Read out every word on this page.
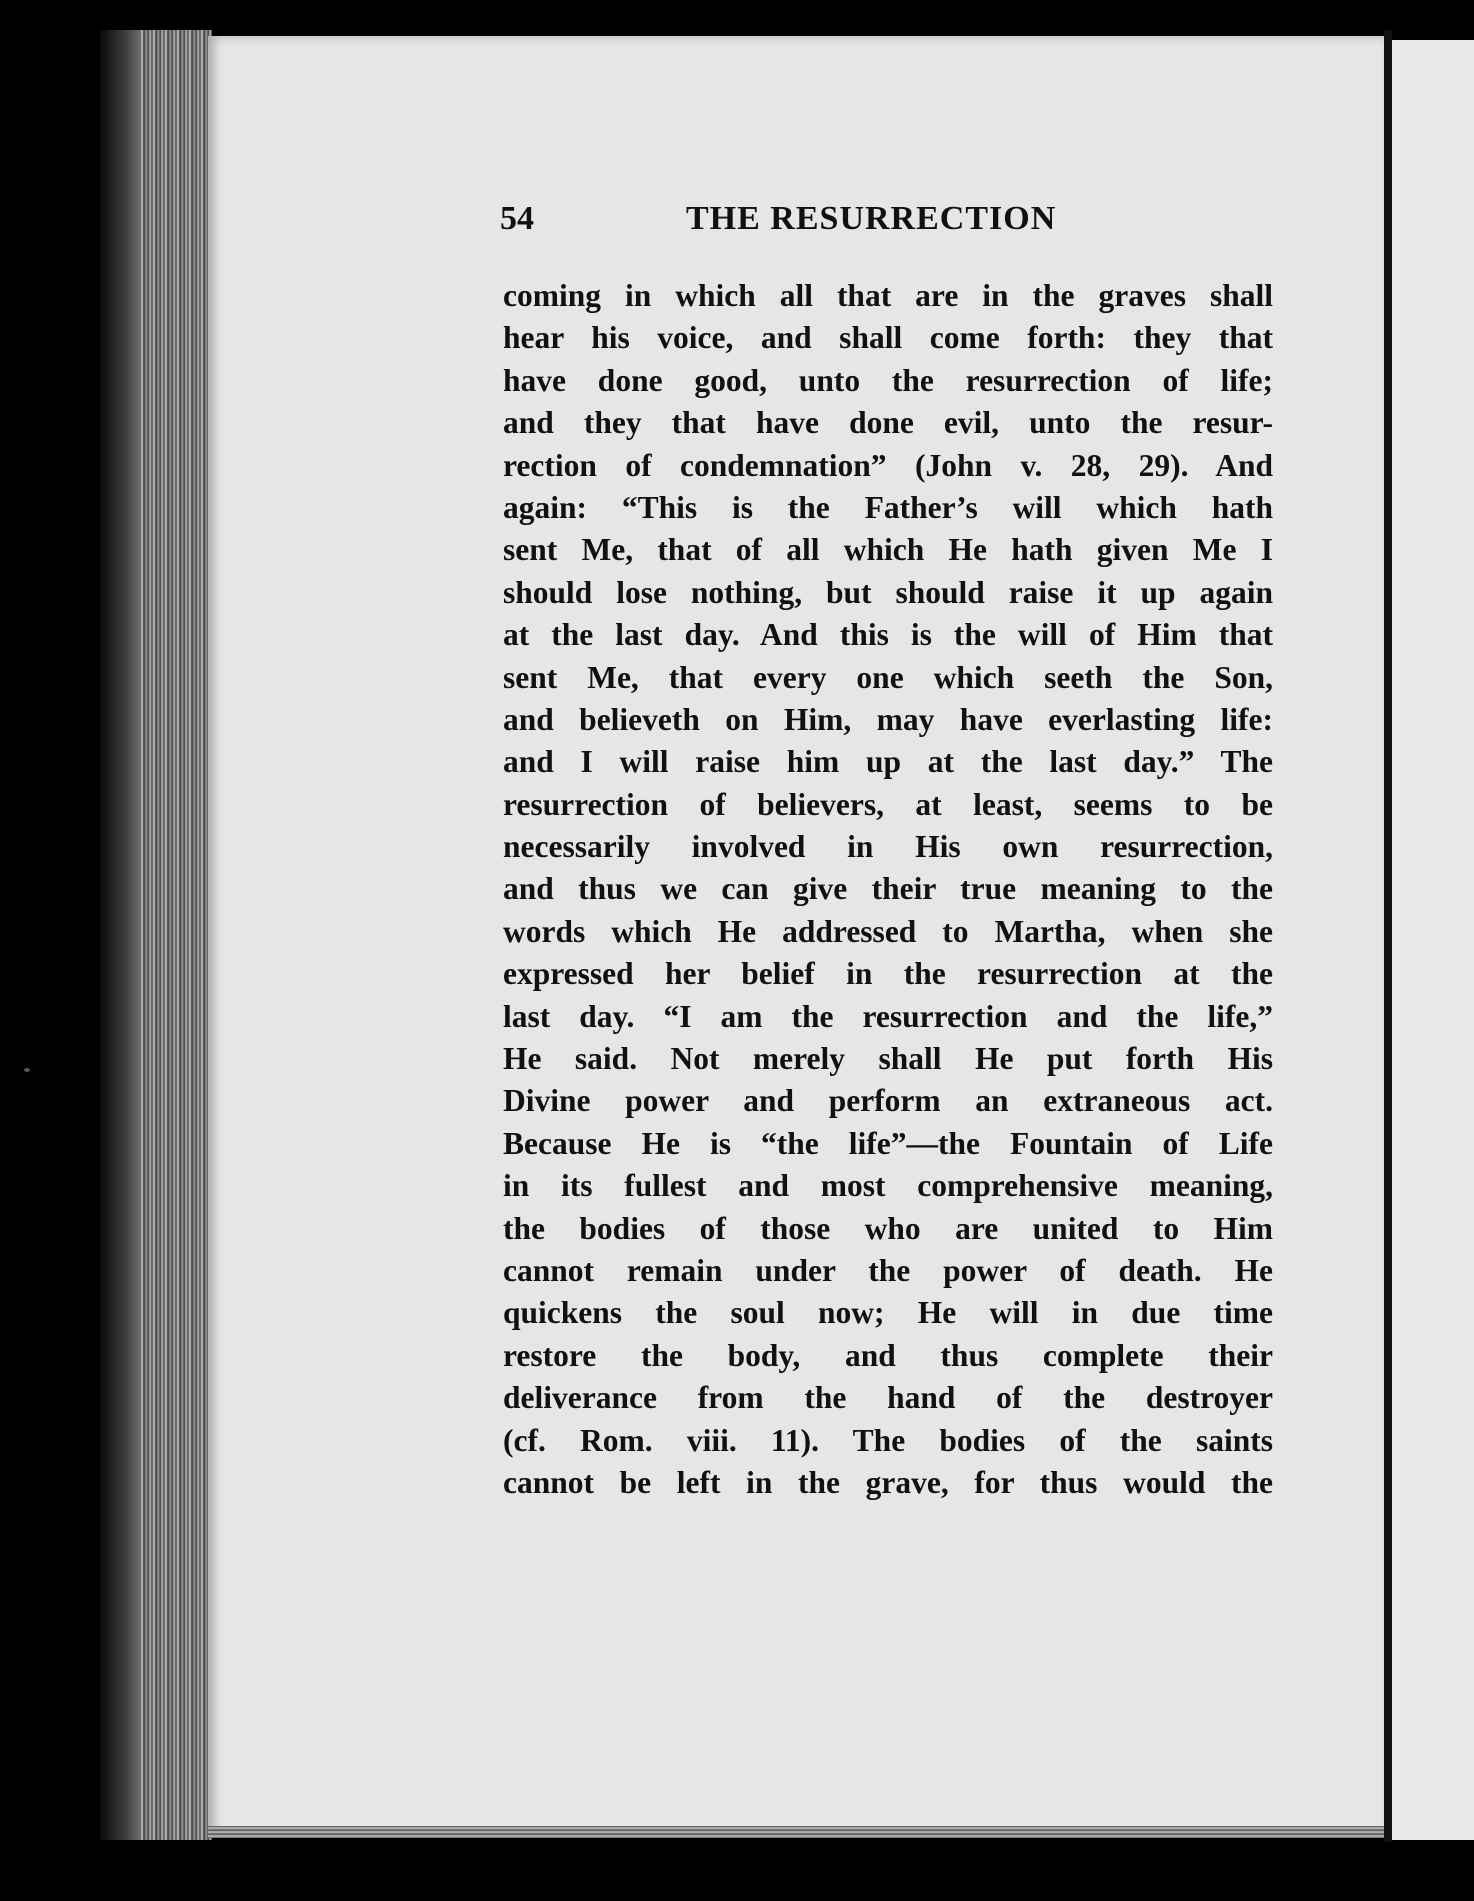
54	THE RESURRECTION
coming in which all that are in the graves shall
hear his voice, and shall come forth: they that
have done good, unto the resurrection of life;
and they that have done evil, unto the resur-
rection of condemnation” (John v. 28, 29). And
again: “This is the Father’s will which hath
sent Me, that of all which He hath given Me I
should lose nothing, but should raise it up again
at the last day. And this is the will of Him that
sent Me, that every one which seeth the Son,
and believeth on Him, may have everlasting life:
and I will raise him up at the last day.” The
resurrection of believers, at least, seems to be
necessarily involved in His own resurrection,
and thus we can give their true meaning to the
words which He addressed to Martha, when she
expressed her belief in the resurrection at the
last day. “I am the resurrection and the life,”
He said. Not merely shall He put forth His
Divine power and perform an extraneous act.
Because He is “the life”—the Fountain of Life
in its fullest and most comprehensive meaning,
the bodies of those who are united to Him
cannot remain under the power of death. He
quickens the soul now; He will in due time
restore the body, and thus complete their
deliverance from the hand of the destroyer
(cf. Rom. viii. 11). The bodies of the saints
cannot be left in the grave, for thus would the
